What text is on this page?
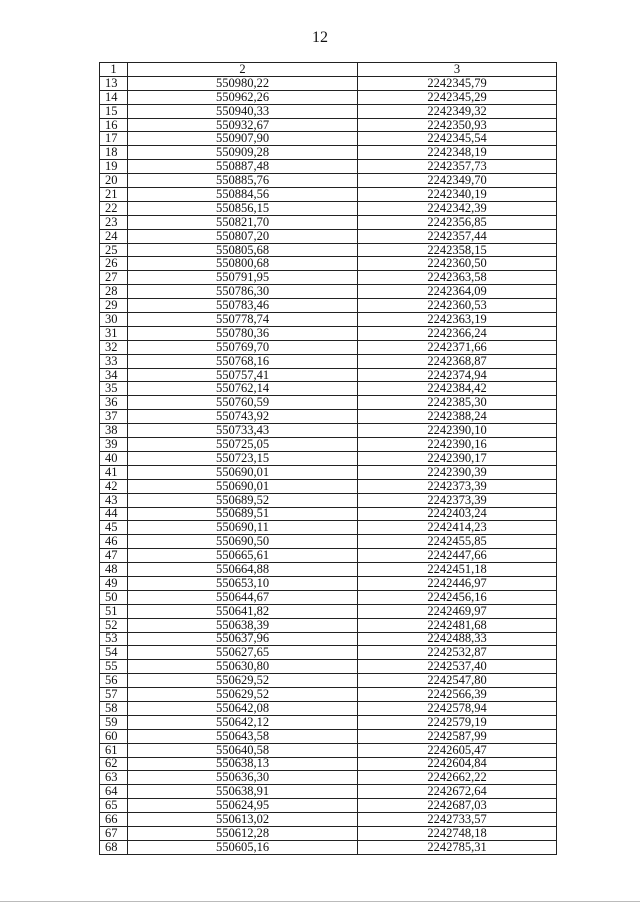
12
1	2	3
13	550980,22	2242345,79
14	550962,26	2242345,29
15	550940,33	2242349,32
16	550932,67	2242350,93
17	550907,90	2242345,54
18	550909,28	2242348,19
19	550887,48	2242357,73
20	550885,76	2242349,70
21	550884,56	2242340,19
22	550856,15	2242342,39
23	550821,70	2242356,85
24	550807,20	2242357,44
25	550805,68	2242358,15
26	550800,68	2242360,50
27	550791,95	2242363,58
28	550786,30	2242364,09
29	550783,46	2242360,53
30	550778,74	2242363,19
31	550780,36	2242366,24
32	550769,70	2242371,66
33	550768,16	2242368,87
34	550757,41	2242374,94
35	550762,14	2242384,42
36	550760,59	2242385,30
37	550743,92	2242388,24
38	550733,43	2242390,10
39	550725,05	2242390,16
40	550723,15	2242390,17
41	550690,01	2242390,39
42	550690,01	2242373,39
43	550689,52	2242373,39
44	550689,51	2242403,24
45	550690,11	2242414,23
46	550690,50	2242455,85
47	550665,61	2242447,66
48	550664,88	2242451,18
49	550653,10	2242446,97
50	550644,67	2242456,16
51	550641,82	2242469,97
52	550638,39	2242481,68
53	550637,96	2242488,33
54	550627,65	2242532,87
55	550630,80	2242537,40
56	550629,52	2242547,80
57	550629,52	2242566,39
58	550642,08	2242578,94
59	550642,12	2242579,19
60	550643,58	2242587,99
61	550640,58	2242605,47
62	550638,13	2242604,84
63	550636,30	2242662,22
64	550638,91	2242672,64
65	550624,95	2242687,03
66	550613,02	2242733,57
67	550612,28	2242748,18
68	550605,16	2242785,31
